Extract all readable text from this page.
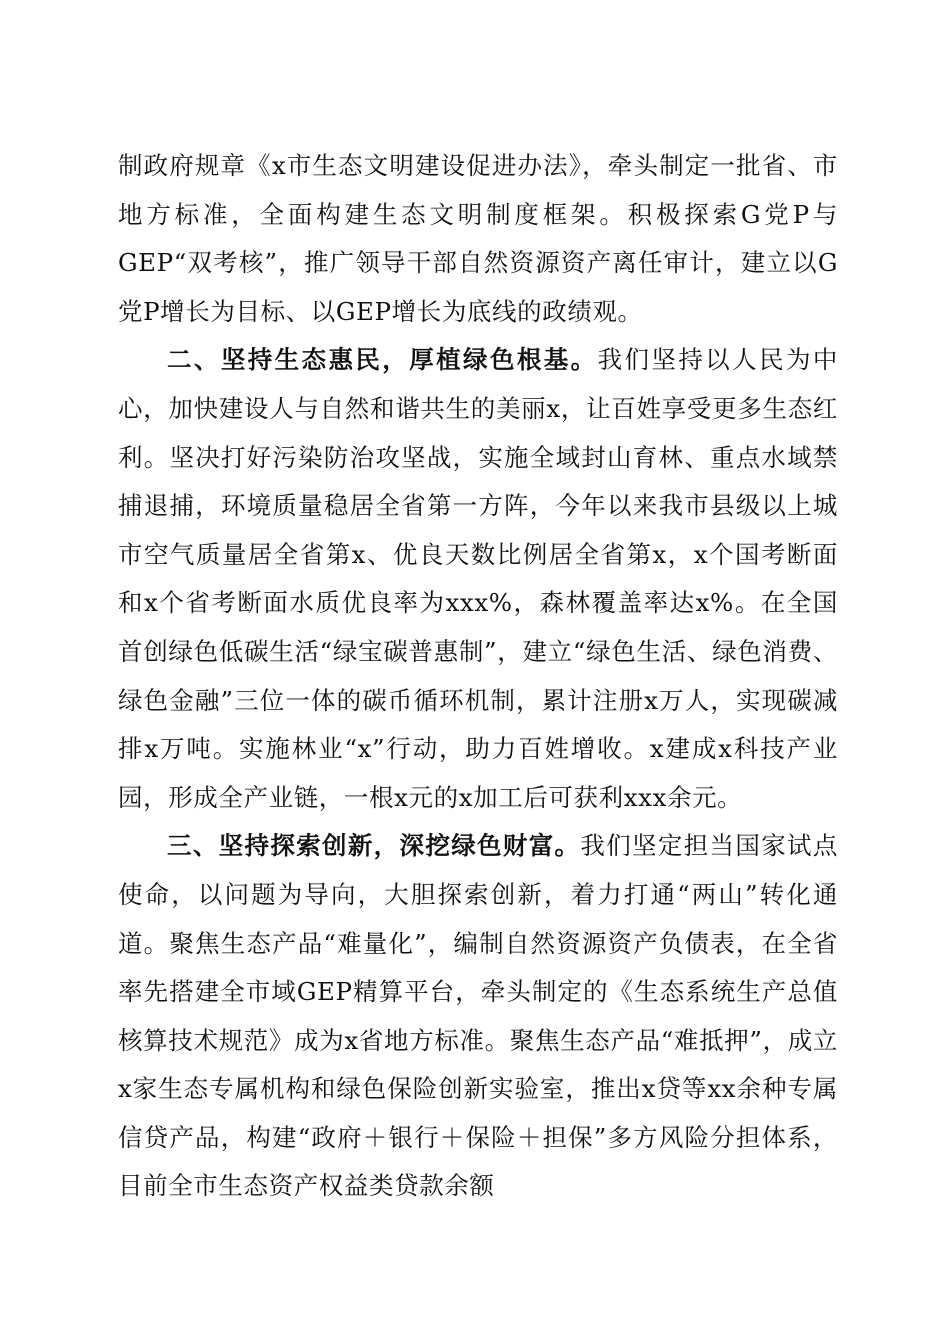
制政府规章《x市生态文明建设促进办法》，牵头制定一批省、市地方标准，全面构建生态文明制度框架。积极探索G党P与GEP“双考核”，推广领导干部自然资源资产离任审计，建立以G党P增长为目标、以GEP增长为底线的政绩观。

二、坚持生态惠民，厚植绿色根基。我们坚持以人民为中心，加快建设人与自然和谐共生的美丽x，让百姓享受更多生态红利。坚决打好污染防治攻坚战，实施全域封山育林、重点水域禁捕退捕，环境质量稳居全省第一方阵，今年以来我市县级以上城市空气质量居全省第x、优良天数比例居全省第x，x个国考断面和x个省考断面水质优良率为xxx%，森林覆盖率达x%。在全国首创绿色低碳生活“绿宝碳普惠制”，建立“绿色生活、绿色消费、绿色金融”三位一体的碳币循环机制，累计注册x万人，实现碳减排x万吨。实施林业“x”行动，助力百姓增收。x建成x科技产业园，形成全产业链，一根x元的x加工后可获利xxx余元。

三、坚持探索创新，深挖绿色财富。我们坚定担当国家试点使命，以问题为导向，大胆探索创新，着力打通“两山”转化通道。聚焦生态产品“难量化”，编制自然资源资产负债表，在全省率先搭建全市域GEP精算平台，牵头制定的《生态系统生产总值核算技术规范》成为x省地方标准。聚焦生态产品“难抵押”，成立x家生态专属机构和绿色保险创新实验室，推出x贷等xx余种专属信贷产品，构建“政府＋银行＋保险＋担保”多方风险分担体系，目前全市生态资产权益类贷款余额
